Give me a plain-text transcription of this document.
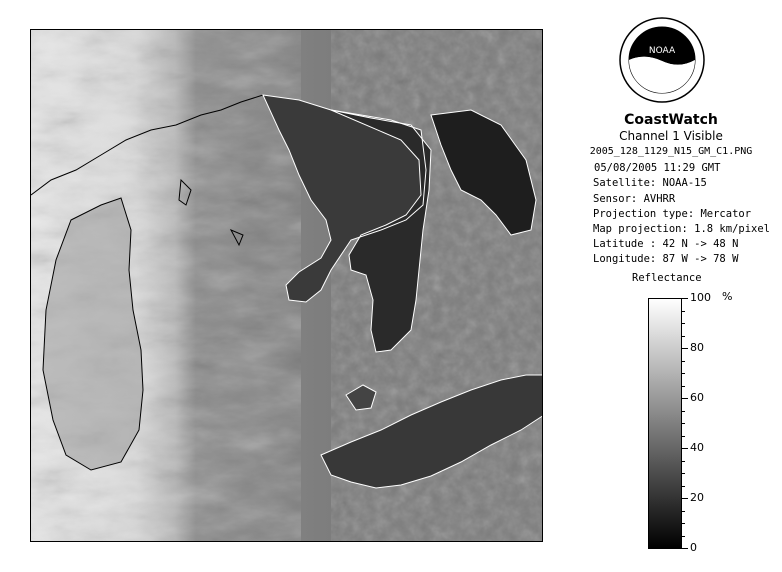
NOAA
CoastWatch
Channel 1 Visible
2005_128_1129_N15_GM_C1.PNG
05/08/2005 11:29 GMT
Satellite: NOAA-15
Sensor: AVHRR
Projection type: Mercator
Map projection: 1.8 km/pixel
Latitude : 42 N -> 48 N
Longitude: 87 W -> 78 W
Reflectance
%
100
80
60
40
20
0
